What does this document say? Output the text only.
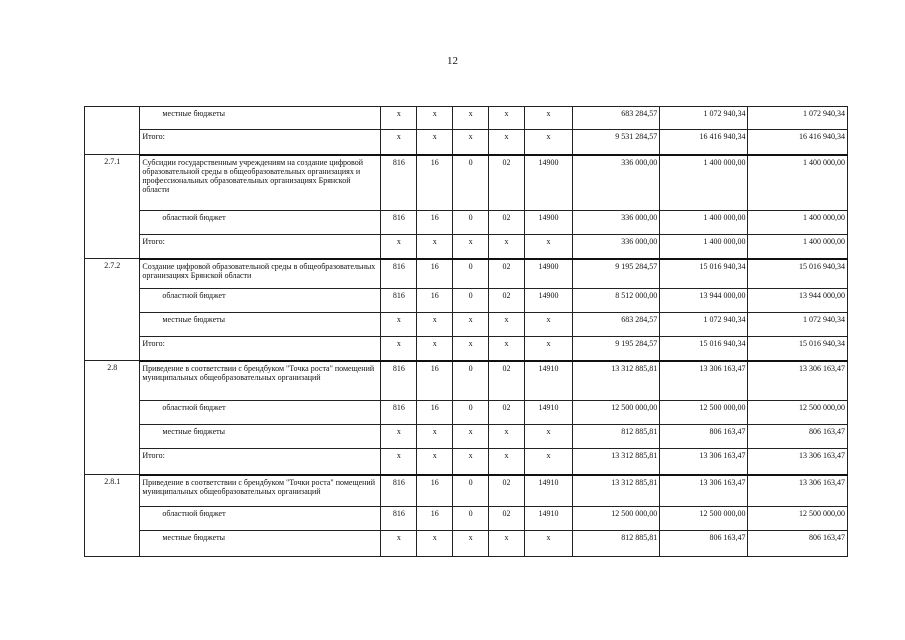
12
	местные бюджеты	х	х	х	х	х	683 284,57	1 072 940,34	1 072 940,34
	Итого:	х	х	х	х	х	9 531 284,57	16 416 940,34	16 416 940,34
2.7.1	Субсидии государственным учреждениям на создание цифровой образовательной среды в общеобразовательных организациях и профессиональных образовательных организациях Брянской области	816	16	0	02	14900	336 000,00	1 400 000,00	1 400 000,00
	областной бюджет	816	16	0	02	14900	336 000,00	1 400 000,00	1 400 000,00
	Итого:	х	х	х	х	х	336 000,00	1 400 000,00	1 400 000,00
2.7.2	Создание цифровой образовательной среды в общеобразовательных организациях Брянской области	816	16	0	02	14900	9 195 284,57	15 016 940,34	15 016 940,34
	областной бюджет	816	16	0	02	14900	8 512 000,00	13 944 000,00	13 944 000,00
	местные бюджеты	х	х	х	х	х	683 284,57	1 072 940,34	1 072 940,34
	Итого:	х	х	х	х	х	9 195 284,57	15 016 940,34	15 016 940,34
2.8	Приведение в соответствии с брендбуком "Точка роста" помещений муниципальных общеобразовательных организаций	816	16	0	02	14910	13 312 885,81	13 306 163,47	13 306 163,47
	областной бюджет	816	16	0	02	14910	12 500 000,00	12 500 000,00	12 500 000,00
	местные бюджеты	х	х	х	х	х	812 885,81	806 163,47	806 163,47
	Итого:	х	х	х	х	х	13 312 885,81	13 306 163,47	13 306 163,47
2.8.1	Приведение в соответствии с брендбуком "Точки роста" помещений муниципальных общеобразовательных организаций	816	16	0	02	14910	13 312 885,81	13 306 163,47	13 306 163,47
	областной бюджет	816	16	0	02	14910	12 500 000,00	12 500 000,00	12 500 000,00
	местные бюджеты	х	х	х	х	х	812 885,81	806 163,47	806 163,47
